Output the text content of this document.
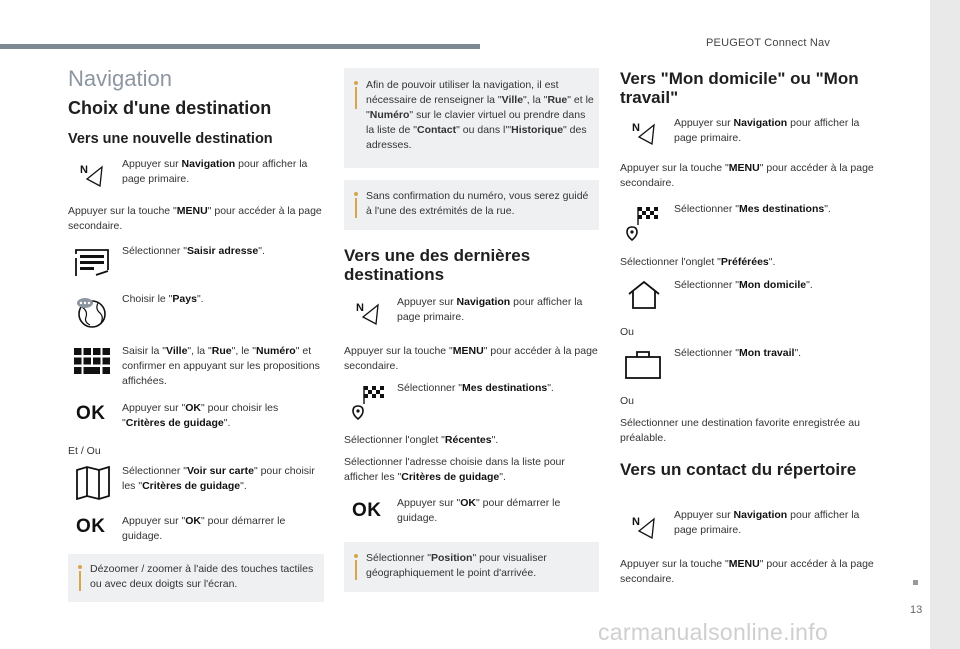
PEUGEOT Connect Nav
13
carmanualsonline.info
Navigation
Choix d'une destination
Vers une nouvelle destination
N	Appuyer sur Navigation pour afficher la page primaire.
Appuyer sur la touche "MENU" pour accéder à la page secondaire.
Sélectionner "Saisir adresse".
Choisir le "Pays".
Saisir la "Ville", la "Rue", le "Numéro" et confirmer en appuyant sur les propositions affichées.
OK Appuyer sur "OK" pour choisir les "Critères de guidage".
Et / Ou
Sélectionner "Voir sur carte" pour choisir les "Critères de guidage".
OK Appuyer sur "OK" pour démarrer le guidage.
Dézoomer / zoomer à l'aide des touches tactiles ou avec deux doigts sur l'écran.
Afin de pouvoir utiliser la navigation, il est nécessaire de renseigner la "Ville", la "Rue" et le "Numéro" sur le clavier virtuel ou prendre dans la liste de "Contact" ou dans l'"Historique" des adresses.
Sans confirmation du numéro, vous serez guidé à l'une des extrémités de la rue.
Vers une des dernières destinations
N	Appuyer sur Navigation pour afficher la page primaire.
Appuyer sur la touche "MENU" pour accéder à la page secondaire.
Sélectionner "Mes destinations".
Sélectionner l'onglet "Récentes".
Sélectionner l'adresse choisie dans la liste pour afficher les "Critères de guidage".
OK Appuyer sur "OK" pour démarrer le guidage.
Sélectionner "Position" pour visualiser géographiquement le point d'arrivée.
Vers "Mon domicile" ou "Mon travail"
N	Appuyer sur Navigation pour afficher la page primaire.
Appuyer sur la touche "MENU" pour accéder à la page secondaire.
Sélectionner "Mes destinations".
Sélectionner l'onglet "Préférées".
Sélectionner "Mon domicile".
Ou
Sélectionner "Mon travail".
Ou
Sélectionner une destination favorite enregistrée au préalable.
Vers un contact du répertoire
N
Appuyer sur Navigation pour afficher la page primaire.
Appuyer sur la touche "MENU" pour accéder à la page secondaire.
